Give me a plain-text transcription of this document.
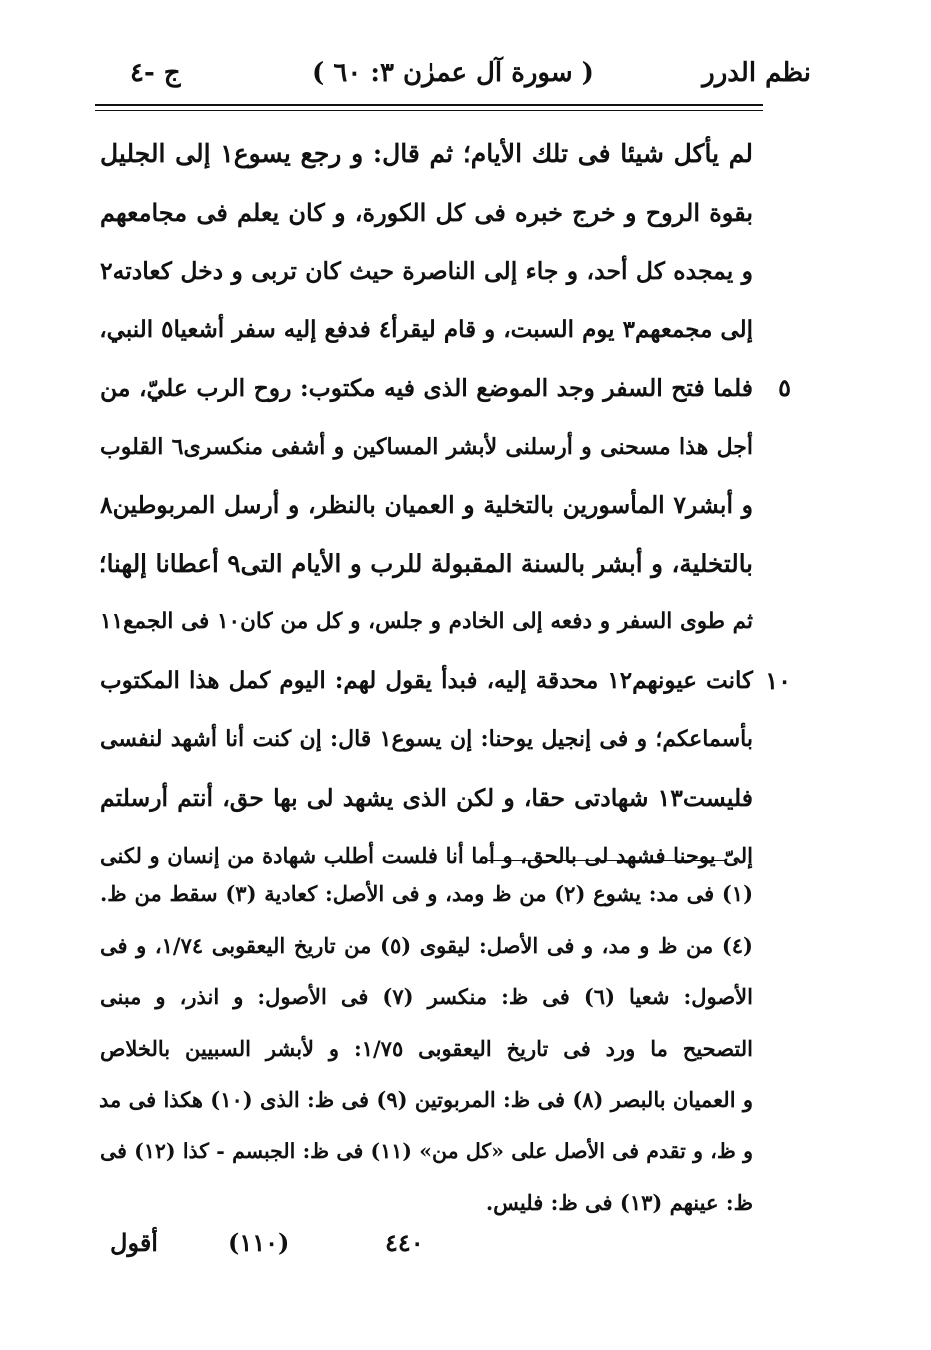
نظم الدرر
( سورة آل عمرٰن ٣: ٦٠ )
ج -٤
لم يأكل شيئا فى تلك الأيام؛ ثم قال: و رجع يسوع١ إلى الجليل
بقوة الروح و خرج خبره فى كل الكورة، و كان يعلم فى مجامعهم
و يمجده كل أحد، و جاء إلى الناصرة حيث كان تربى و دخل كعادته٢
إلى مجمعهم٣ يوم السبت، و قام ليقرأ٤ فدفع إليه سفر أشعيا٥ النبي،
٥
فلما فتح السفر وجد الموضع الذى فيه مكتوب: روح الرب عليّ، من
أجل هذا مسحنى و أرسلنى لأبشر المساكين و أشفى منكسرى٦ القلوب
و أبشر٧ المأسورين بالتخلية و العميان بالنظر، و أرسل المربوطين٨
بالتخلية، و أبشر بالسنة المقبولة للرب و الأيام التى٩ أعطانا إلهنا؛
ثم طوى السفر و دفعه إلى الخادم و جلس، و كل من كان١٠ فى الجمع١١
١٠
كانت عيونهم١٢ محدقة إليه، فبدأ يقول لهم: اليوم كمل هذا المكتوب
بأسماعكم؛ و فى إنجيل يوحنا: إن يسوع١ قال: إن كنت أنا أشهد لنفسى
فليست١٣ شهادتى حقا، و لكن الذى يشهد لى بها حق، أنتم أرسلتم
إلىّ يوحنا فشهد لى بالحق، و أما أنا فلست أطلب شهادة من إنسان و لكنى
(١) فى مد: يشوع (٢) من ظ ومد، و فى الأصل: كعادية (٣) سقط من ظ.
(٤) من ظ و مد، و فى الأصل: ليقوى (٥) من تاريخ اليعقوبى ١/٧٤، و فى
الأصول: شعيا (٦) فى ظ: منكسر (٧) فى الأصول: و انذر، و مبنى
التصحيح ما ورد فى تاريخ اليعقوبى ١/٧٥: و لأبشر السبيين بالخلاص
و العميان بالبصر (٨) فى ظ: المربوتين (٩) فى ظ: الذى (١٠) هكذا فى مد
و ظ، و تقدم فى الأصل على «كل من» (١١) فى ظ: الجبسم - كذا (١٢) فى
ظ: عينهم (١٣) فى ظ: فليس.
أقول	(١١٠)	٤٤٠
